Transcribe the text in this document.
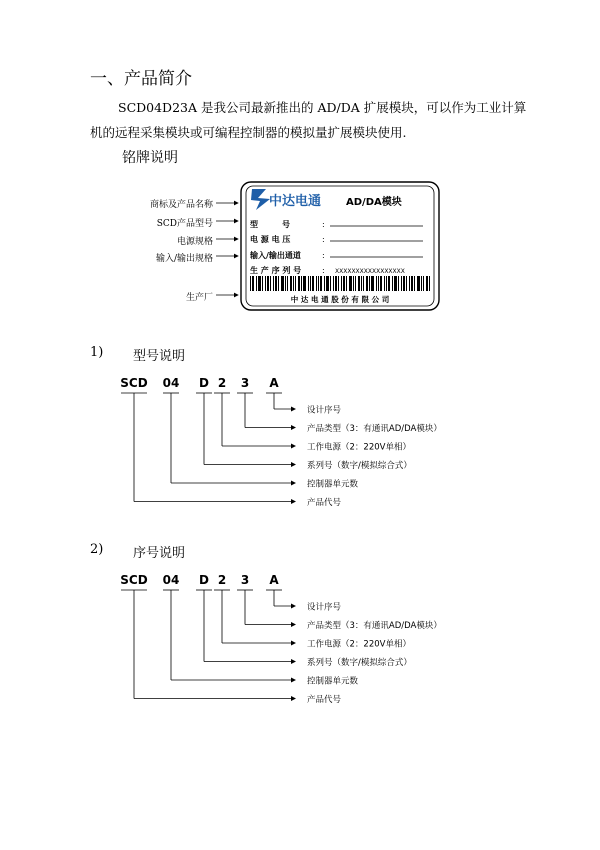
一、产品简介
SCD04D23A 是我公司最新推出的 AD/DA 扩展模块，可以作为工业计算机的远程采集模块或可编程控制器的模拟量扩展模块使用.
铭牌说明
商标及产品名称
SCD产品型号
电源规格
输入/输出规格
生产厂
中达电通 AD/DA模块
型　　　号	:
电 源 电 压	:
输入/输出通道	:
生 产 序 列 号	: XXXXXXXXXXXXXXXXX
中 达 电 通 股 份 有 限 公 司
1) 型号说明
SCD 04 D 2 3 A
设计序号
产品类型（3：有通讯AD/DA模块）
工作电源（2：220V单相）
系列号（数字/模拟综合式）
控制器单元数
产品代号
2) 序号说明
SCD 04 D 2 3 A
设计序号
产品类型（3：有通讯AD/DA模块）
工作电源（2：220V单相）
系列号（数字/模拟综合式）
控制器单元数
产品代号
